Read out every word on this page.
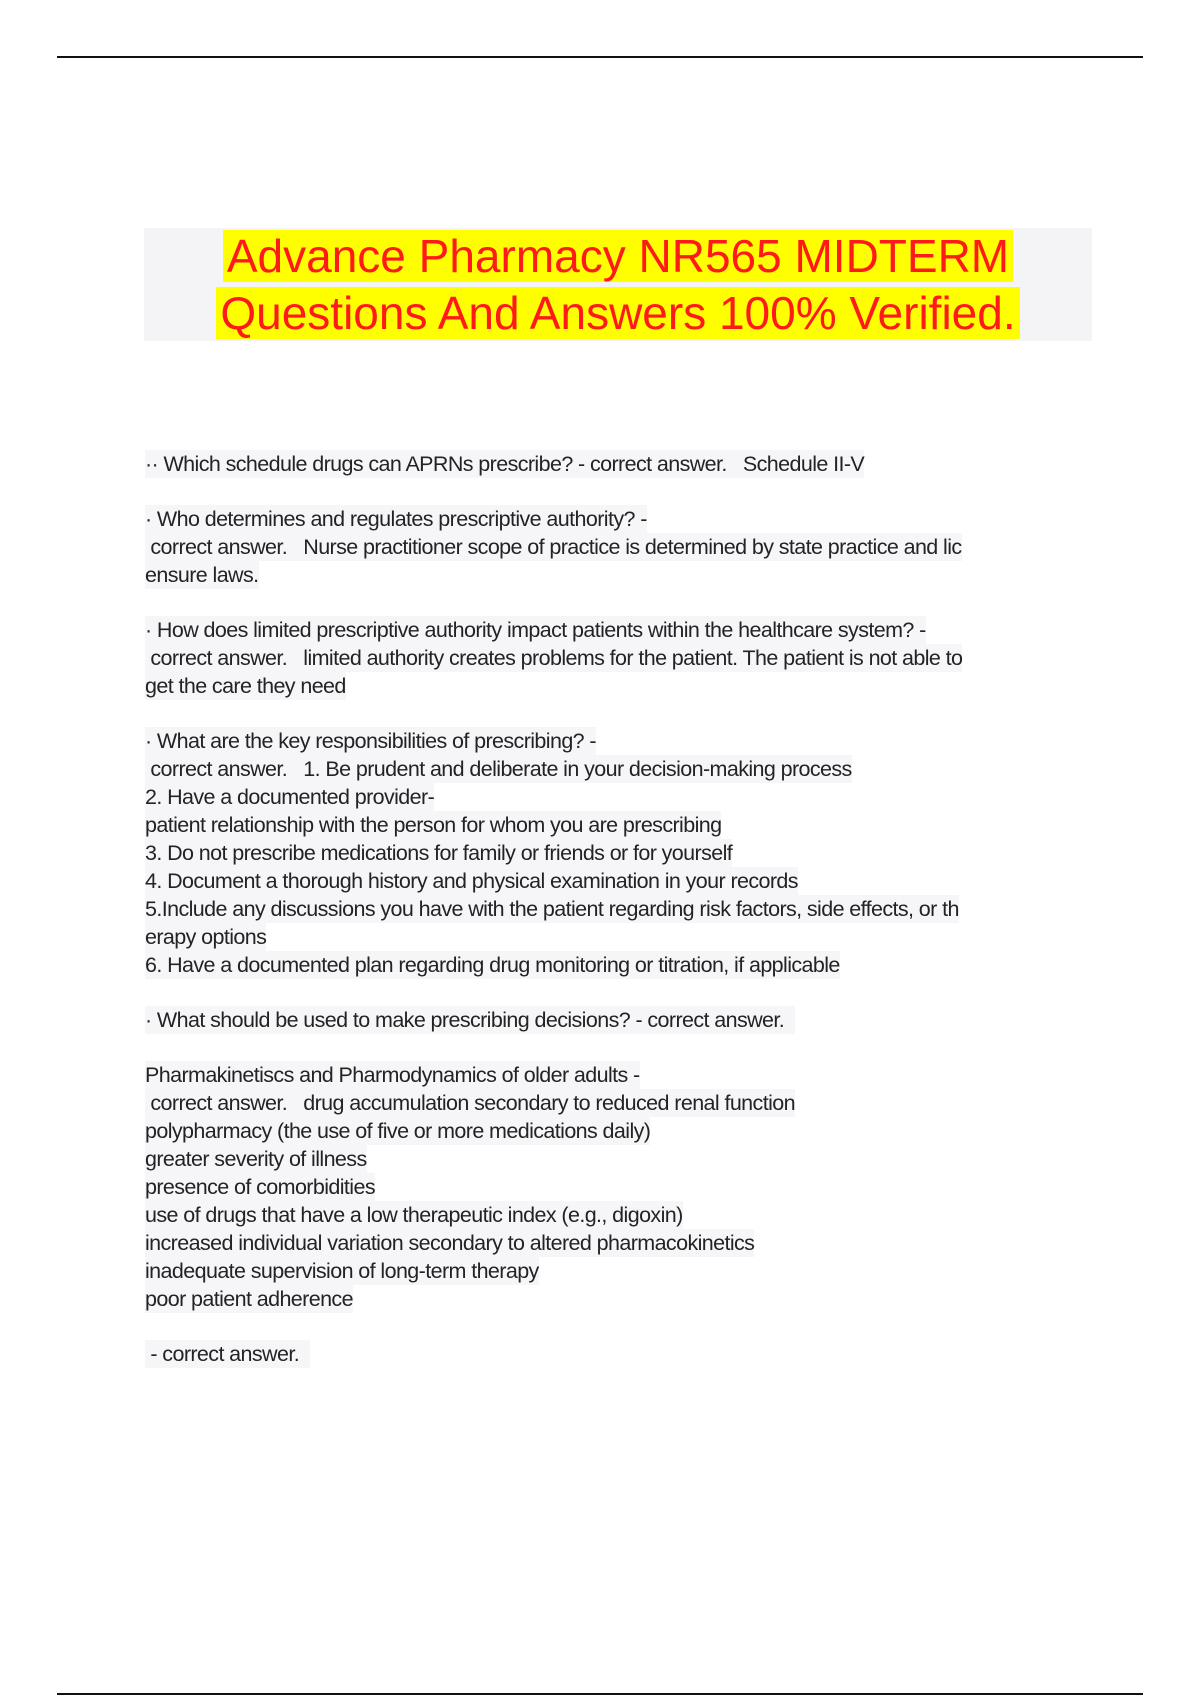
Advance Pharmacy NR565 MIDTERM
Questions And Answers 100% Verified.
·· Which schedule drugs can APRNs prescribe? - correct answer.   Schedule II-V
· Who determines and regulates prescriptive authority? -
correct answer.   Nurse practitioner scope of practice is determined by state practice and lic
ensure laws.
· How does limited prescriptive authority impact patients within the healthcare system? -
correct answer.   limited authority creates problems for the patient. The patient is not able to
get the care they need
· What are the key responsibilities of prescribing? -
correct answer.   1. Be prudent and deliberate in your decision-making process
2. Have a documented provider-
patient relationship with the person for whom you are prescribing
3. Do not prescribe medications for family or friends or for yourself
4. Document a thorough history and physical examination in your records
5.Include any discussions you have with the patient regarding risk factors, side effects, or th
erapy options
6. Have a documented plan regarding drug monitoring or titration, if applicable
· What should be used to make prescribing decisions? - correct answer.
Pharmakinetiscs and Pharmodynamics of older adults -
correct answer.   drug accumulation secondary to reduced renal function
polypharmacy (the use of five or more medications daily)
greater severity of illness
presence of comorbidities
use of drugs that have a low therapeutic index (e.g., digoxin)
increased individual variation secondary to altered pharmacokinetics
inadequate supervision of long-term therapy
poor patient adherence
- correct answer.
